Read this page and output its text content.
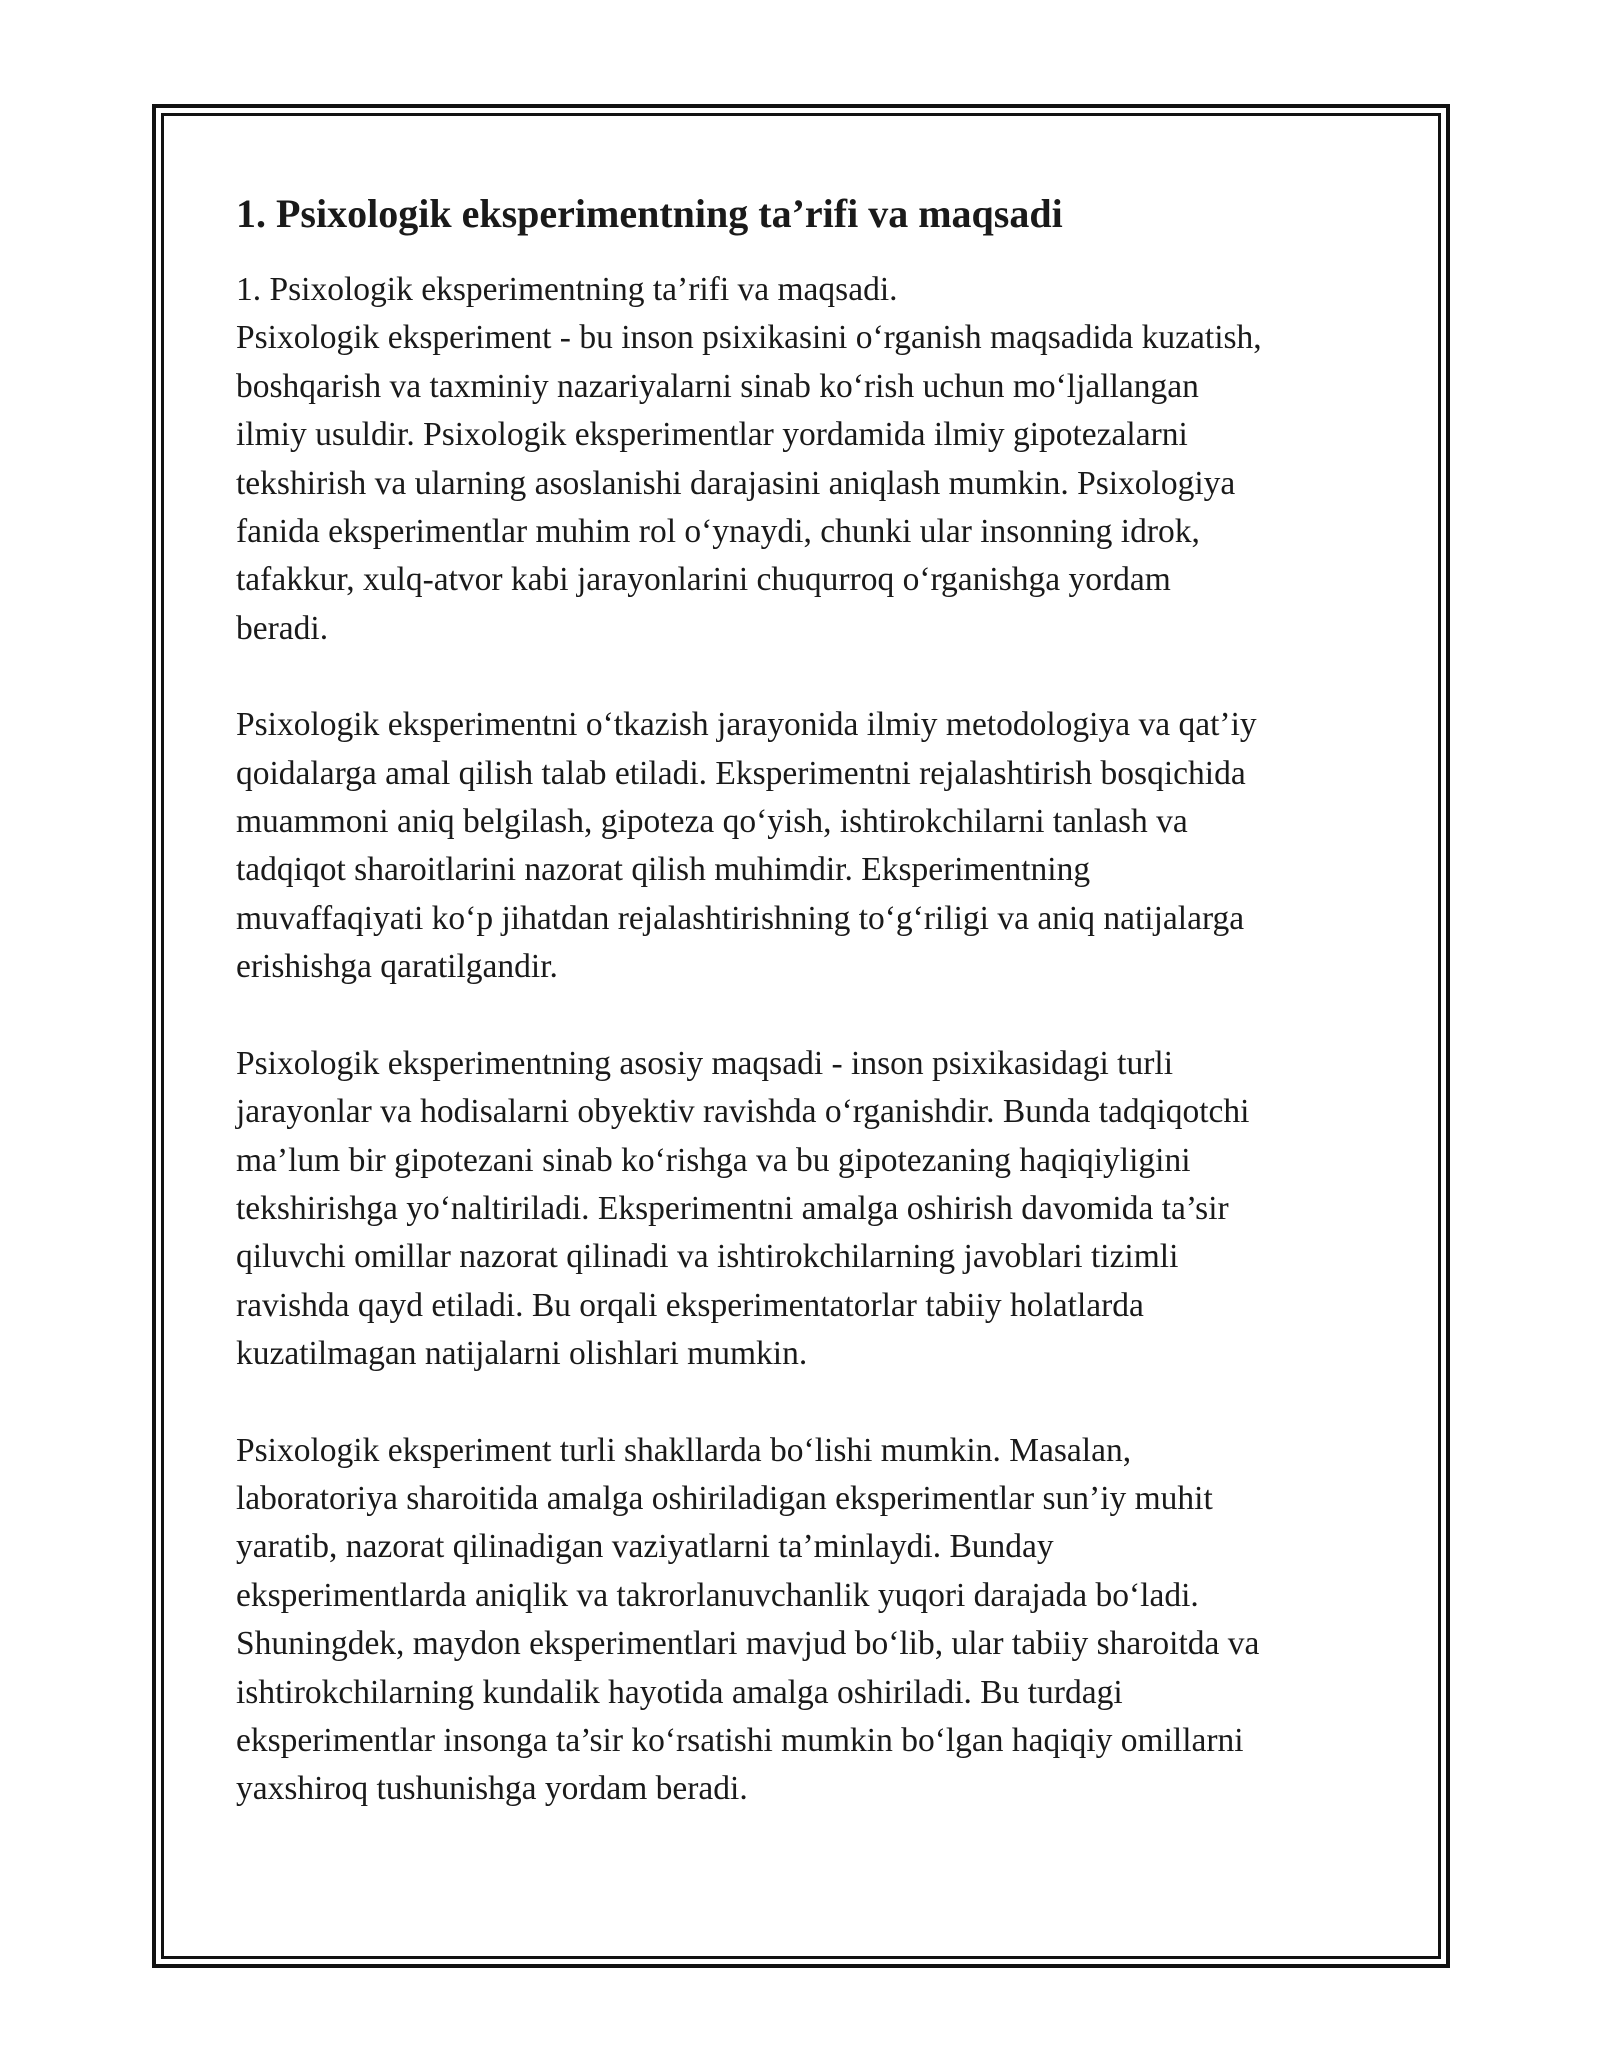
1. Psixologik eksperimentning ta’rifi va maqsadi

1. Psixologik eksperimentning ta’rifi va maqsadi.
Psixologik eksperiment - bu inson psixikasini o‘rganish maqsadida kuzatish,
boshqarish va taxminiy nazariyalarni sinab ko‘rish uchun mo‘ljallangan
ilmiy usuldir. Psixologik eksperimentlar yordamida ilmiy gipotezalarni
tekshirish va ularning asoslanishi darajasini aniqlash mumkin. Psixologiya
fanida eksperimentlar muhim rol o‘ynaydi, chunki ular insonning idrok,
tafakkur, xulq-atvor kabi jarayonlarini chuqurroq o‘rganishga yordam
beradi.

Psixologik eksperimentni o‘tkazish jarayonida ilmiy metodologiya va qat’iy
qoidalarga amal qilish talab etiladi. Eksperimentni rejalashtirish bosqichida
muammoni aniq belgilash, gipoteza qo‘yish, ishtirokchilarni tanlash va
tadqiqot sharoitlarini nazorat qilish muhimdir. Eksperimentning
muvaffaqiyati ko‘p jihatdan rejalashtirishning to‘g‘riligi va aniq natijalarga
erishishga qaratilgandir.

Psixologik eksperimentning asosiy maqsadi - inson psixikasidagi turli
jarayonlar va hodisalarni obyektiv ravishda o‘rganishdir. Bunda tadqiqotchi
ma’lum bir gipotezani sinab ko‘rishga va bu gipotezaning haqiqiyligini
tekshirishga yo‘naltiriladi. Eksperimentni amalga oshirish davomida ta’sir
qiluvchi omillar nazorat qilinadi va ishtirokchilarning javoblari tizimli
ravishda qayd etiladi. Bu orqali eksperimentatorlar tabiiy holatlarda
kuzatilmagan natijalarni olishlari mumkin.

Psixologik eksperiment turli shakllarda bo‘lishi mumkin. Masalan,
laboratoriya sharoitida amalga oshiriladigan eksperimentlar sun’iy muhit
yaratib, nazorat qilinadigan vaziyatlarni ta’minlaydi. Bunday
eksperimentlarda aniqlik va takrorlanuvchanlik yuqori darajada bo‘ladi.
Shuningdek, maydon eksperimentlari mavjud bo‘lib, ular tabiiy sharoitda va
ishtirokchilarning kundalik hayotida amalga oshiriladi. Bu turdagi
eksperimentlar insonga ta’sir ko‘rsatishi mumkin bo‘lgan haqiqiy omillarni
yaxshiroq tushunishga yordam beradi.
